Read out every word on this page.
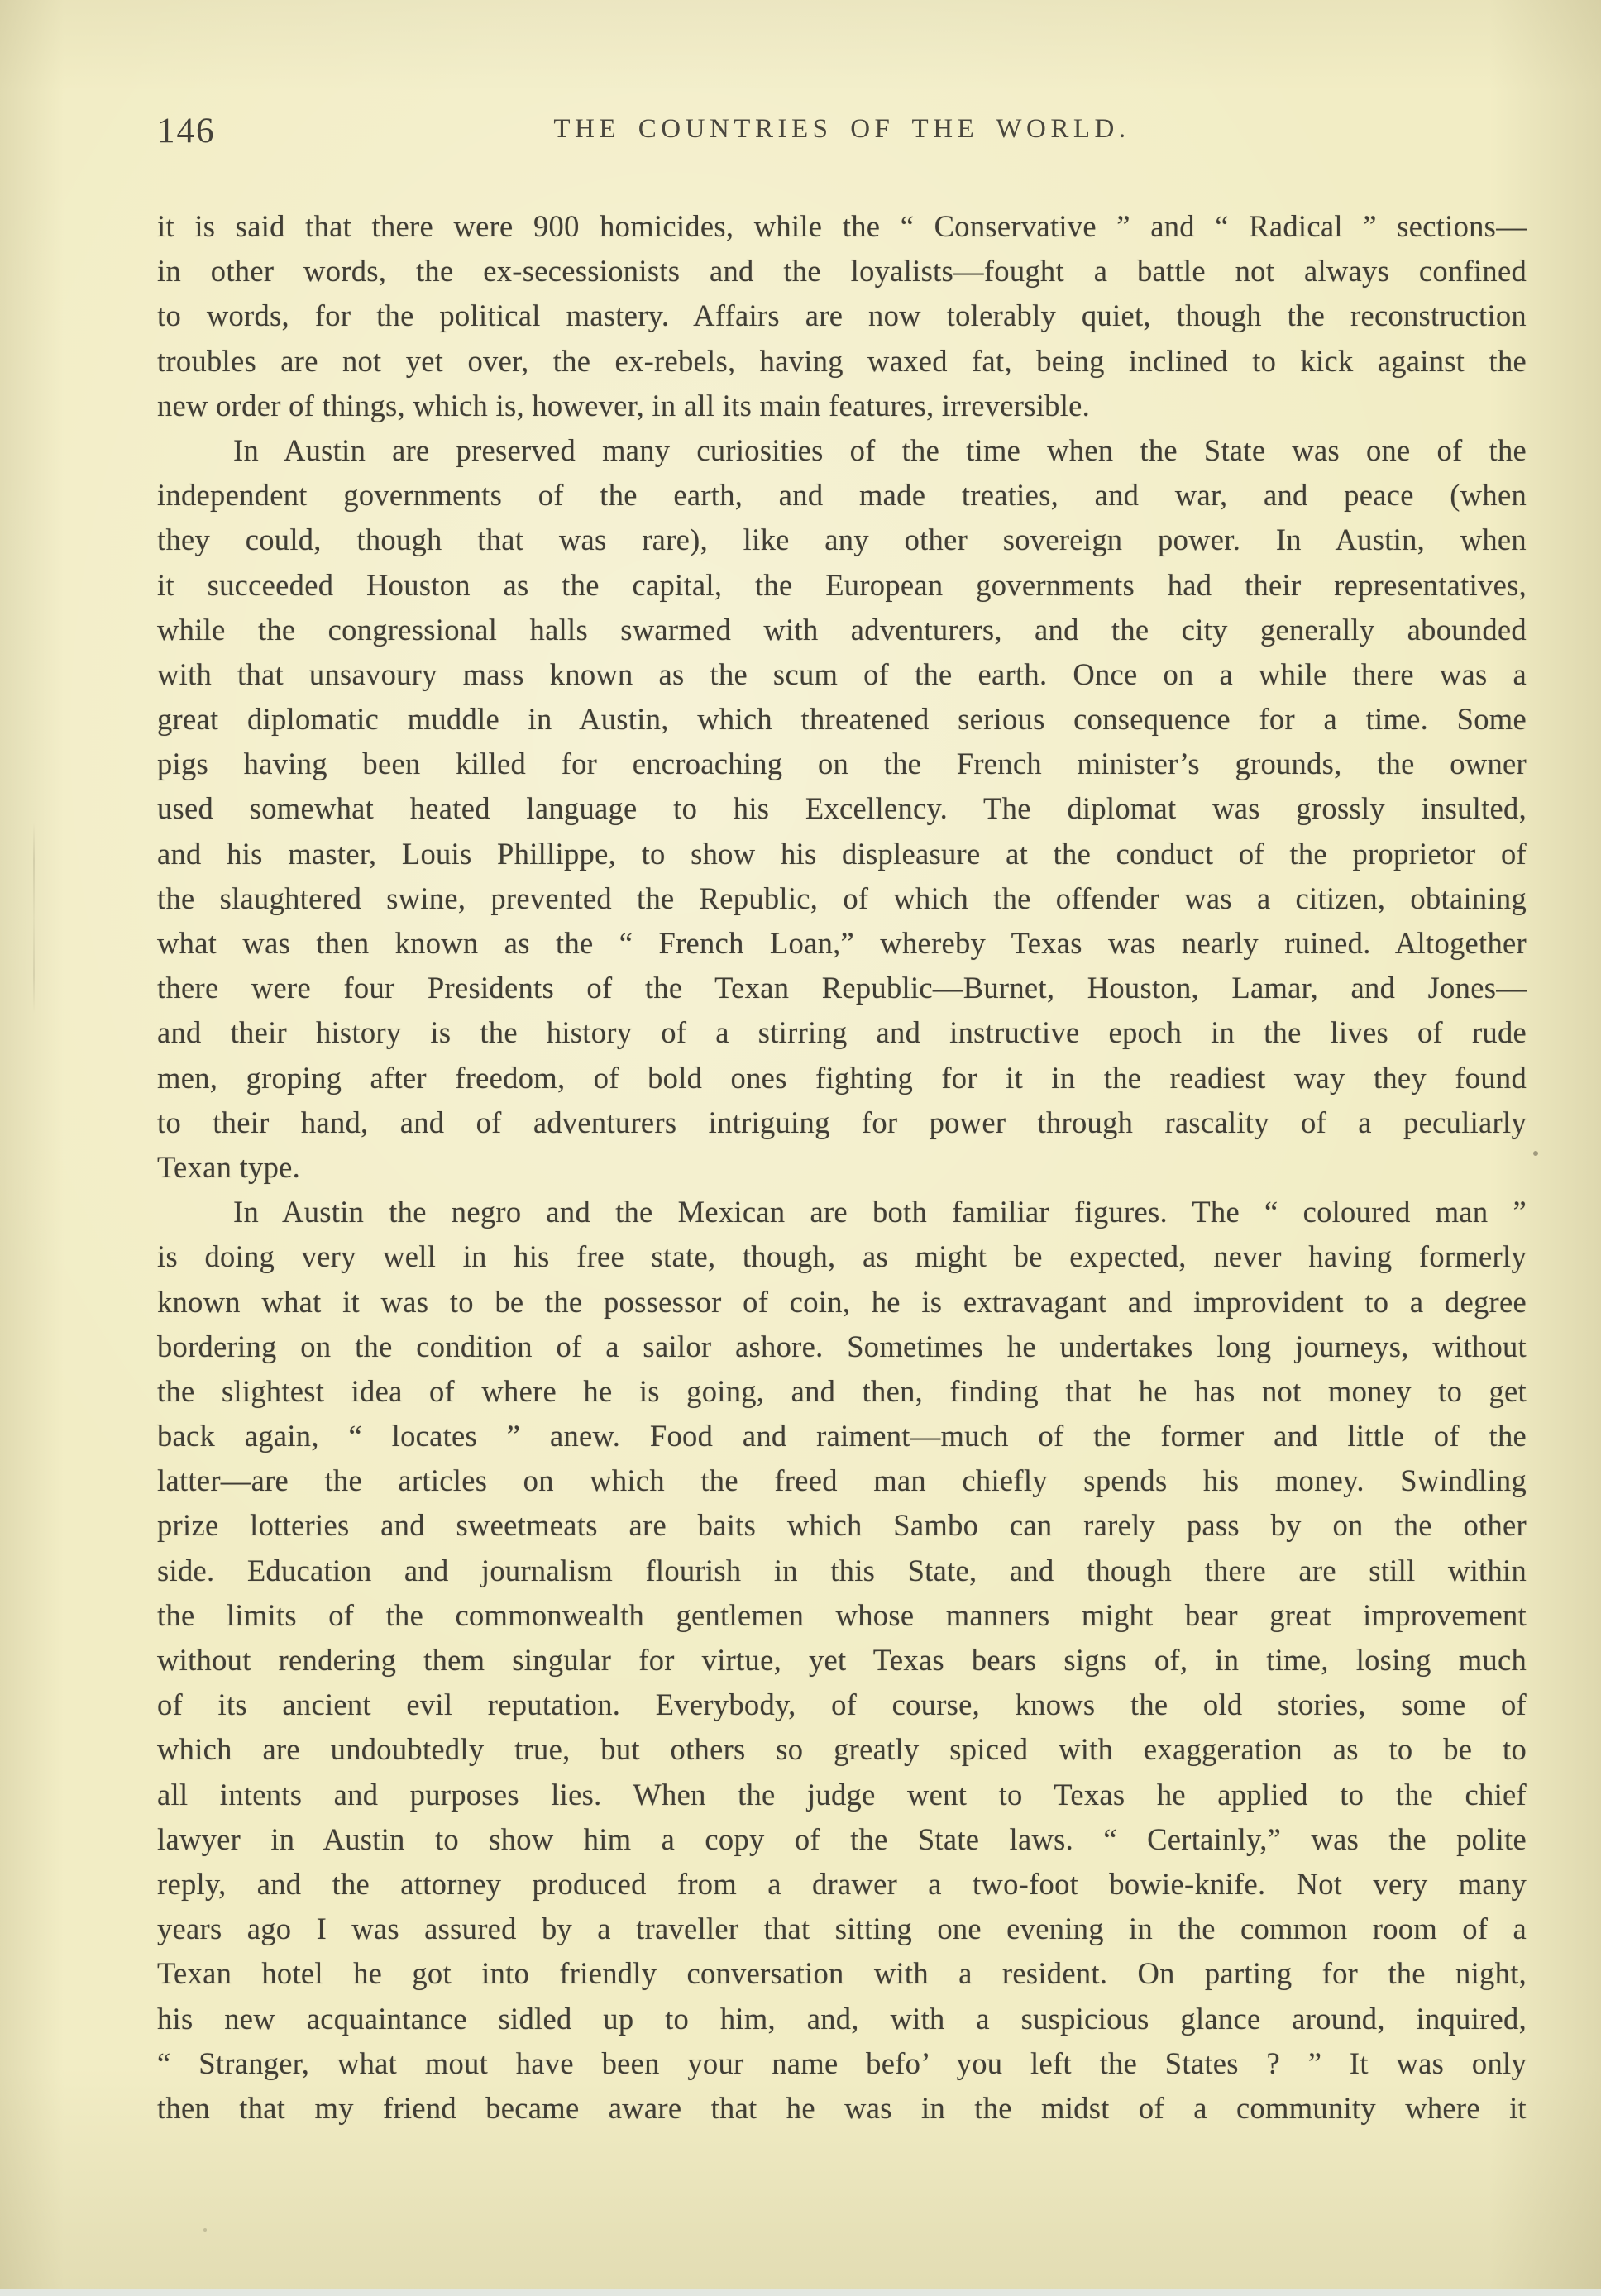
146	THE COUNTRIES OF THE WORLD.
it is said that there were 900 homicides, while the “ Conservative ” and “ Radical ” sections—
in other words, the ex-secessionists and the loyalists—fought a battle not always confined
to words, for the political mastery. Affairs are now tolerably quiet, though the reconstruction
troubles are not yet over, the ex-rebels, having waxed fat, being inclined to kick against the
new order of things, which is, however, in all its main features, irreversible.
In Austin are preserved many curiosities of the time when the State was one of the
independent governments of the earth, and made treaties, and war, and peace (when
they could, though that was rare), like any other sovereign power. In Austin, when
it succeeded Houston as the capital, the European governments had their representatives,
while the congressional halls swarmed with adventurers, and the city generally abounded
with that unsavoury mass known as the scum of the earth. Once on a while there was a
great diplomatic muddle in Austin, which threatened serious consequence for a time. Some
pigs having been killed for encroaching on the French minister’s grounds, the owner
used somewhat heated language to his Excellency. The diplomat was grossly insulted,
and his master, Louis Phillippe, to show his displeasure at the conduct of the proprietor of
the slaughtered swine, prevented the Republic, of which the offender was a citizen, obtaining
what was then known as the “ French Loan,” whereby Texas was nearly ruined. Altogether
there were four Presidents of the Texan Republic—Burnet, Houston, Lamar, and Jones—
and their history is the history of a stirring and instructive epoch in the lives of rude
men, groping after freedom, of bold ones fighting for it in the readiest way they found
to their hand, and of adventurers intriguing for power through rascality of a peculiarly
Texan type.
In Austin the negro and the Mexican are both familiar figures. The “ coloured man ”
is doing very well in his free state, though, as might be expected, never having formerly
known what it was to be the possessor of coin, he is extravagant and improvident to a degree
bordering on the condition of a sailor ashore. Sometimes he undertakes long journeys, without
the slightest idea of where he is going, and then, finding that he has not money to get
back again, “ locates ” anew. Food and raiment—much of the former and little of the
latter—are the articles on which the freed man chiefly spends his money. Swindling
prize lotteries and sweetmeats are baits which Sambo can rarely pass by on the other
side. Education and journalism flourish in this State, and though there are still within
the limits of the commonwealth gentlemen whose manners might bear great improvement
without rendering them singular for virtue, yet Texas bears signs of, in time, losing much
of its ancient evil reputation. Everybody, of course, knows the old stories, some of
which are undoubtedly true, but others so greatly spiced with exaggeration as to be to
all intents and purposes lies. When the judge went to Texas he applied to the chief
lawyer in Austin to show him a copy of the State laws. “ Certainly,” was the polite
reply, and the attorney produced from a drawer a two-foot bowie-knife. Not very many
years ago I was assured by a traveller that sitting one evening in the common room of a
Texan hotel he got into friendly conversation with a resident. On parting for the night,
his new acquaintance sidled up to him, and, with a suspicious glance around, inquired,
“ Stranger, what mout have been your name befo’ you left the States ? ” It was only
then that my friend became aware that he was in the midst of a community where it
